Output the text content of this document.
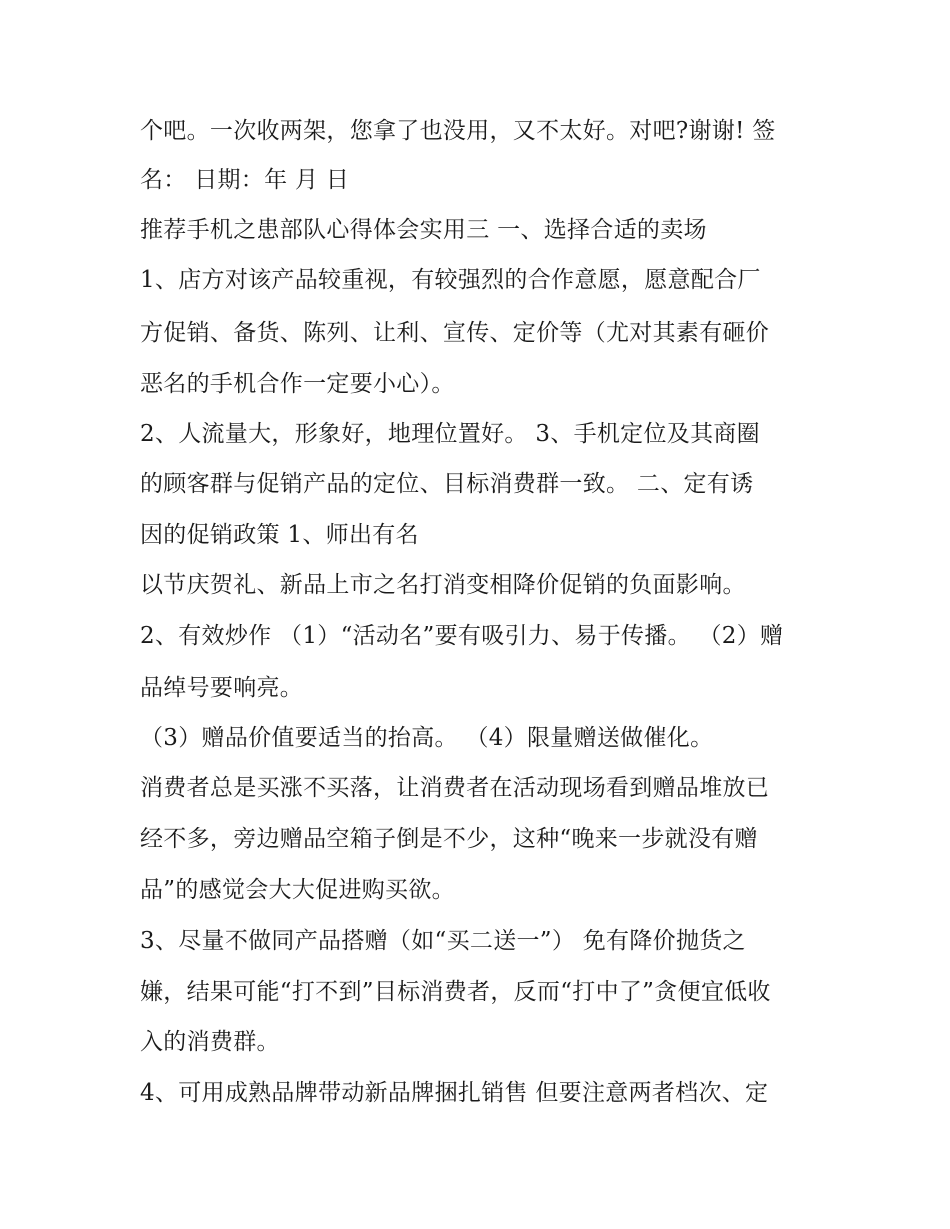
个吧。一次收两架，您拿了也没用，又不太好。对吧?谢谢! 签
名： 日期：年 月 日
推荐手机之患部队心得体会实用三 一、选择合适的卖场
1、店方对该产品较重视，有较强烈的合作意愿，愿意配合厂
方促销、备货、陈列、让利、宣传、定价等（尤对其素有砸价
恶名的手机合作一定要小心）。
2、人流量大，形象好，地理位置好。 3、手机定位及其商圈
的顾客群与促销产品的定位、目标消费群一致。 二、定有诱
因的促销政策 1、师出有名
以节庆贺礼、新品上市之名打消变相降价促销的负面影响。
2、有效炒作 （1）“活动名”要有吸引力、易于传播。 （2）赠
品绰号要响亮。
（3）赠品价值要适当的抬高。 （4）限量赠送做催化。
消费者总是买涨不买落，让消费者在活动现场看到赠品堆放已
经不多，旁边赠品空箱子倒是不少，这种“晚来一步就没有赠
品”的感觉会大大促进购买欲。
3、尽量不做同产品搭赠（如“买二送一”） 免有降价抛货之
嫌，结果可能“打不到”目标消费者，反而“打中了”贪便宜低收
入的消费群。
4、可用成熟品牌带动新品牌捆扎销售 但要注意两者档次、定
